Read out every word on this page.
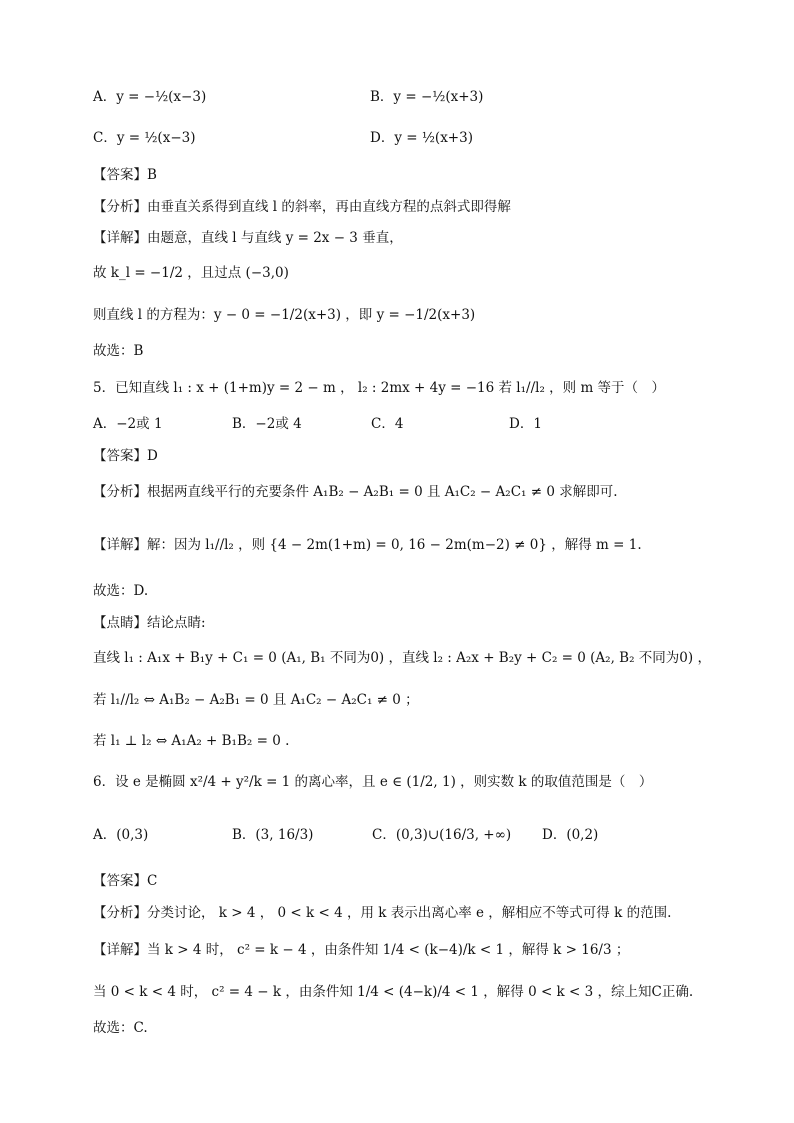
A．y = −½(x−3)	B．y = −½(x+3)
C．y = ½(x−3)	D．y = ½(x+3)
【答案】B
【分析】由垂直关系得到直线 l 的斜率，再由直线方程的点斜式即得解
【详解】由题意，直线 l 与直线 y = 2x − 3 垂直，
故 k_l = −1/2 ，且过点 (−3,0)
则直线 l 的方程为：y − 0 = −1/2(x+3) ，即 y = −1/2(x+3)
故选：B
5．已知直线 l₁ : x + (1+m)y = 2 − m ， l₂ : 2mx + 4y = −16 若 l₁//l₂ ，则 m 等于（　）
A．−2或 1	B．−2或 4	C．4	D．1
【答案】D
【分析】根据两直线平行的充要条件 A₁B₂ − A₂B₁ = 0 且 A₁C₂ − A₂C₁ ≠ 0 求解即可.
【详解】解：因为 l₁//l₂ ，则 {4 − 2m(1+m) = 0, 16 − 2m(m−2) ≠ 0} ，解得 m = 1.
故选：D.
【点睛】结论点睛:
直线 l₁ : A₁x + B₁y + C₁ = 0 (A₁, B₁ 不同为0) ，直线 l₂ : A₂x + B₂y + C₂ = 0 (A₂, B₂ 不同为0) ，
若 l₁//l₂ ⇔ A₁B₂ − A₂B₁ = 0 且 A₁C₂ − A₂C₁ ≠ 0 ；
若 l₁ ⊥ l₂ ⇔ A₁A₂ + B₁B₂ = 0 .
6．设 e 是椭圆 x²/4 + y²/k = 1 的离心率，且 e ∈ (1/2, 1) ，则实数 k 的取值范围是（　）
A．(0,3)	B．(3, 16/3)	C．(0,3)∪(16/3, +∞) D．(0,2)
【答案】C
【分析】分类讨论， k > 4 ， 0 < k < 4 ，用 k 表示出离心率 e ，解相应不等式可得 k 的范围.
【详解】当 k > 4 时， c² = k − 4 ，由条件知 1/4 < (k−4)/k < 1 ，解得 k > 16/3 ；
当 0 < k < 4 时， c² = 4 − k ，由条件知 1/4 < (4−k)/4 < 1 ，解得 0 < k < 3 ，综上知C正确.
故选：C.
